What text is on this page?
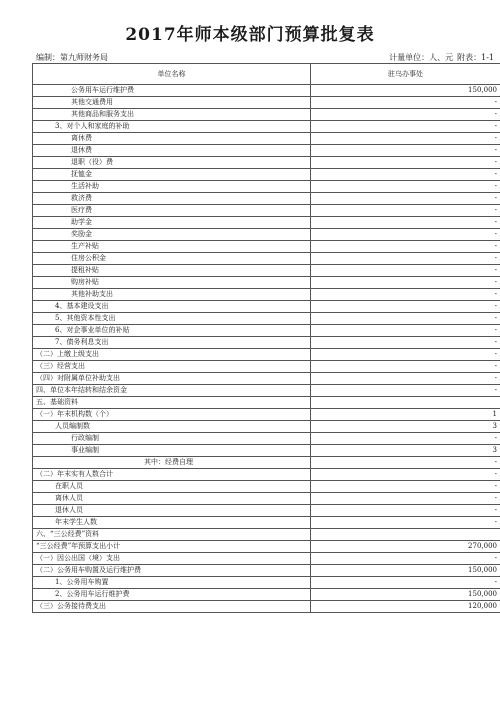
2017年师本级部门预算批复表
编制：第九师财务局	计量单位：人、元 附表：1-1
单位名称	驻乌办事处
公务用车运行维护费	150,000
其他交通费用	-
其他商品和服务支出	-
3、对个人和家庭的补助	-
离休费	-
退休费	-
退职（役）费	-
抚恤金	-
生活补助	-
救济费	-
医疗费	-
助学金	-
奖励金	-
生产补贴	-
住房公积金	-
提租补贴	-
购房补贴	-
其他补助支出	-
4、基本建设支出	-
5、其他资本性支出	-
6、对企事业单位的补贴	-
7、债务利息支出	-
（二）上缴上级支出	-
（三）经营支出	-
（四）对附属单位补助支出	-
四、单位本年结转和结余资金	-
五、基础资料	
（一）年末机构数（个）	1
人员编制数	3
行政编制	-
事业编制	3
其中：经费自理	-
（二）年末实有人数合计	-
在职人员	-
离休人员	-
退休人员	-
年末学生人数	-
六、“三公经费”资料	
“三公经费”年预算支出小计	270,000
（一）因公出国（境）支出	-
（二）公务用车购置及运行维护费	150,000
1、公务用车购置	-
2、公务用车运行维护费	150,000
（三）公务接待费支出	120,000
